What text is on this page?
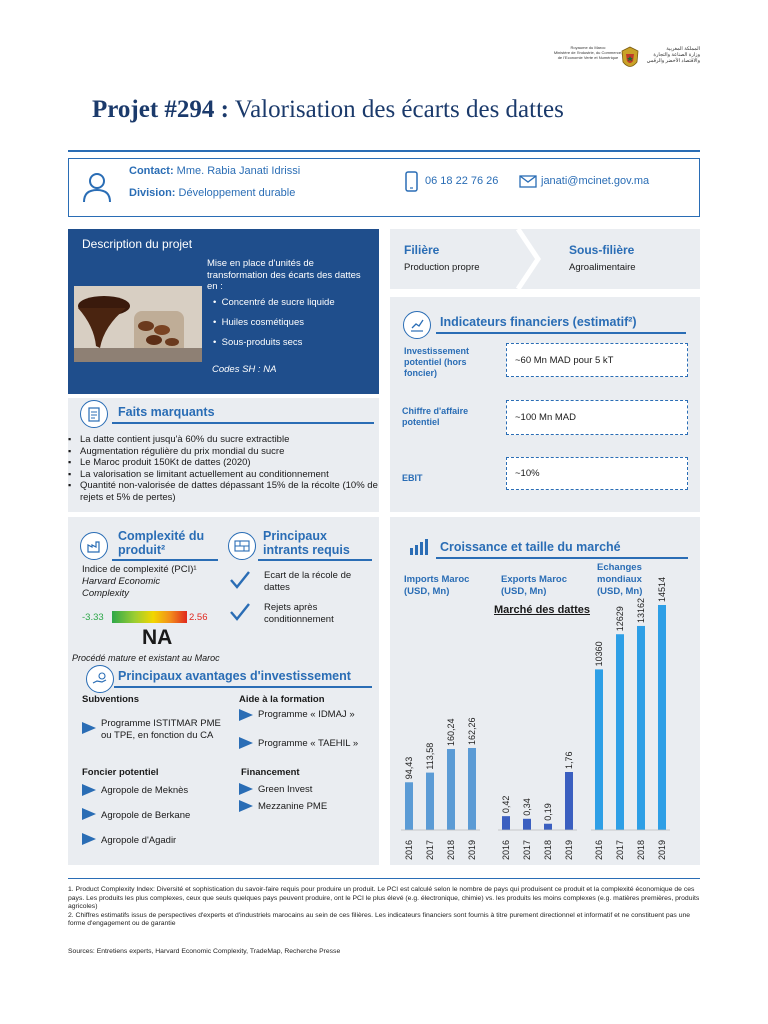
Royaume du Maroc
Ministère de l'Industrie, du Commerce,
de l'Economie Verte et Numérique
المملكة المغربية
وزارة الصناعة والتجارة
والاقتصاد الأخضر والرقمي
Projet #294 : Valorisation des écarts des dattes
Contact: Mme. Rabia Janati Idrissi
Division: Développement durable
06 18 22 76 26	janati@mcinet.gov.ma
Description du projet
Mise en place d'unités de transformation des écarts des dattes en :
•  Concentré de sucre liquide
•  Huiles cosmétiques
•  Sous-produits secs
Codes SH : NA
Faits marquants
▪ La datte contient jusqu'à 60% du sucre extractible
▪ Augmentation régulière du prix mondial du sucre
▪ Le Maroc produit 150Kt de dattes (2020)
▪ La valorisation se limitant actuellement au conditionnement
▪ Quantité non-valorisée de dattes dépassant 15% de la récolte (10% de rejets et 5% de pertes)
Complexité du produit²
Indice de complexité (PCI)¹
Harvard Economic Complexity
-3.33	2.56
NA
Procédé mature et existant au Maroc
Principaux intrants requis
Ecart de la récole de dattes
Rejets après conditionnement
Principaux avantages d'investissement
Subventions
Programme ISTITMAR PME ou TPE, en fonction du CA
Aide à la formation
Programme « IDMAJ »
Programme « TAEHIL »
Foncier potentiel
Agropole de Meknès
Agropole de Berkane
Agropole d'Agadir
Financement
Green Invest
Mezzanine PME
Filière
Production propre
Sous-filière
Agroalimentaire
Indicateurs financiers (estimatif²)
Investissement potentiel (hors foncier)
~60 Mn MAD pour 5 kT
Chiffre d'affaire potentiel	~100 Mn MAD
EBIT	~10%
Croissance et taille du marché
Imports Maroc
(USD, Mn)
Exports Maroc
(USD, Mn)
Echanges
mondiaux
(USD, Mn)
Marché des dattes
94,43
2016
113,58
2017
160,24
2018
162,26
2019
0,42
2016
0,34
2017
0,19
2018
1,76
2019
10360
2016
12629
2017
13162
2018
14514
2019
1. Product Complexity Index: Diversité et sophistication du savoir-faire requis pour produire un produit. Le PCI est calculé selon le nombre de pays qui produisent ce produit et la complexité économique de ces pays. Les produits les plus complexes, ceux que seuls quelques pays peuvent produire, ont le PCI le plus élevé (e.g. électronique, chimie) vs. les produits les moins complexes (e.g. matières premières, produits agricoles)
2. Chiffres estimatifs issus de perspectives d'experts et d'industriels marocains au sein de ces filières. Les indicateurs financiers sont fournis à titre purement directionnel et informatif et ne constituent pas une forme d'engagement ou de garantie
Sources: Entretiens experts, Harvard Economic Complexity, TradeMap, Recherche Presse
